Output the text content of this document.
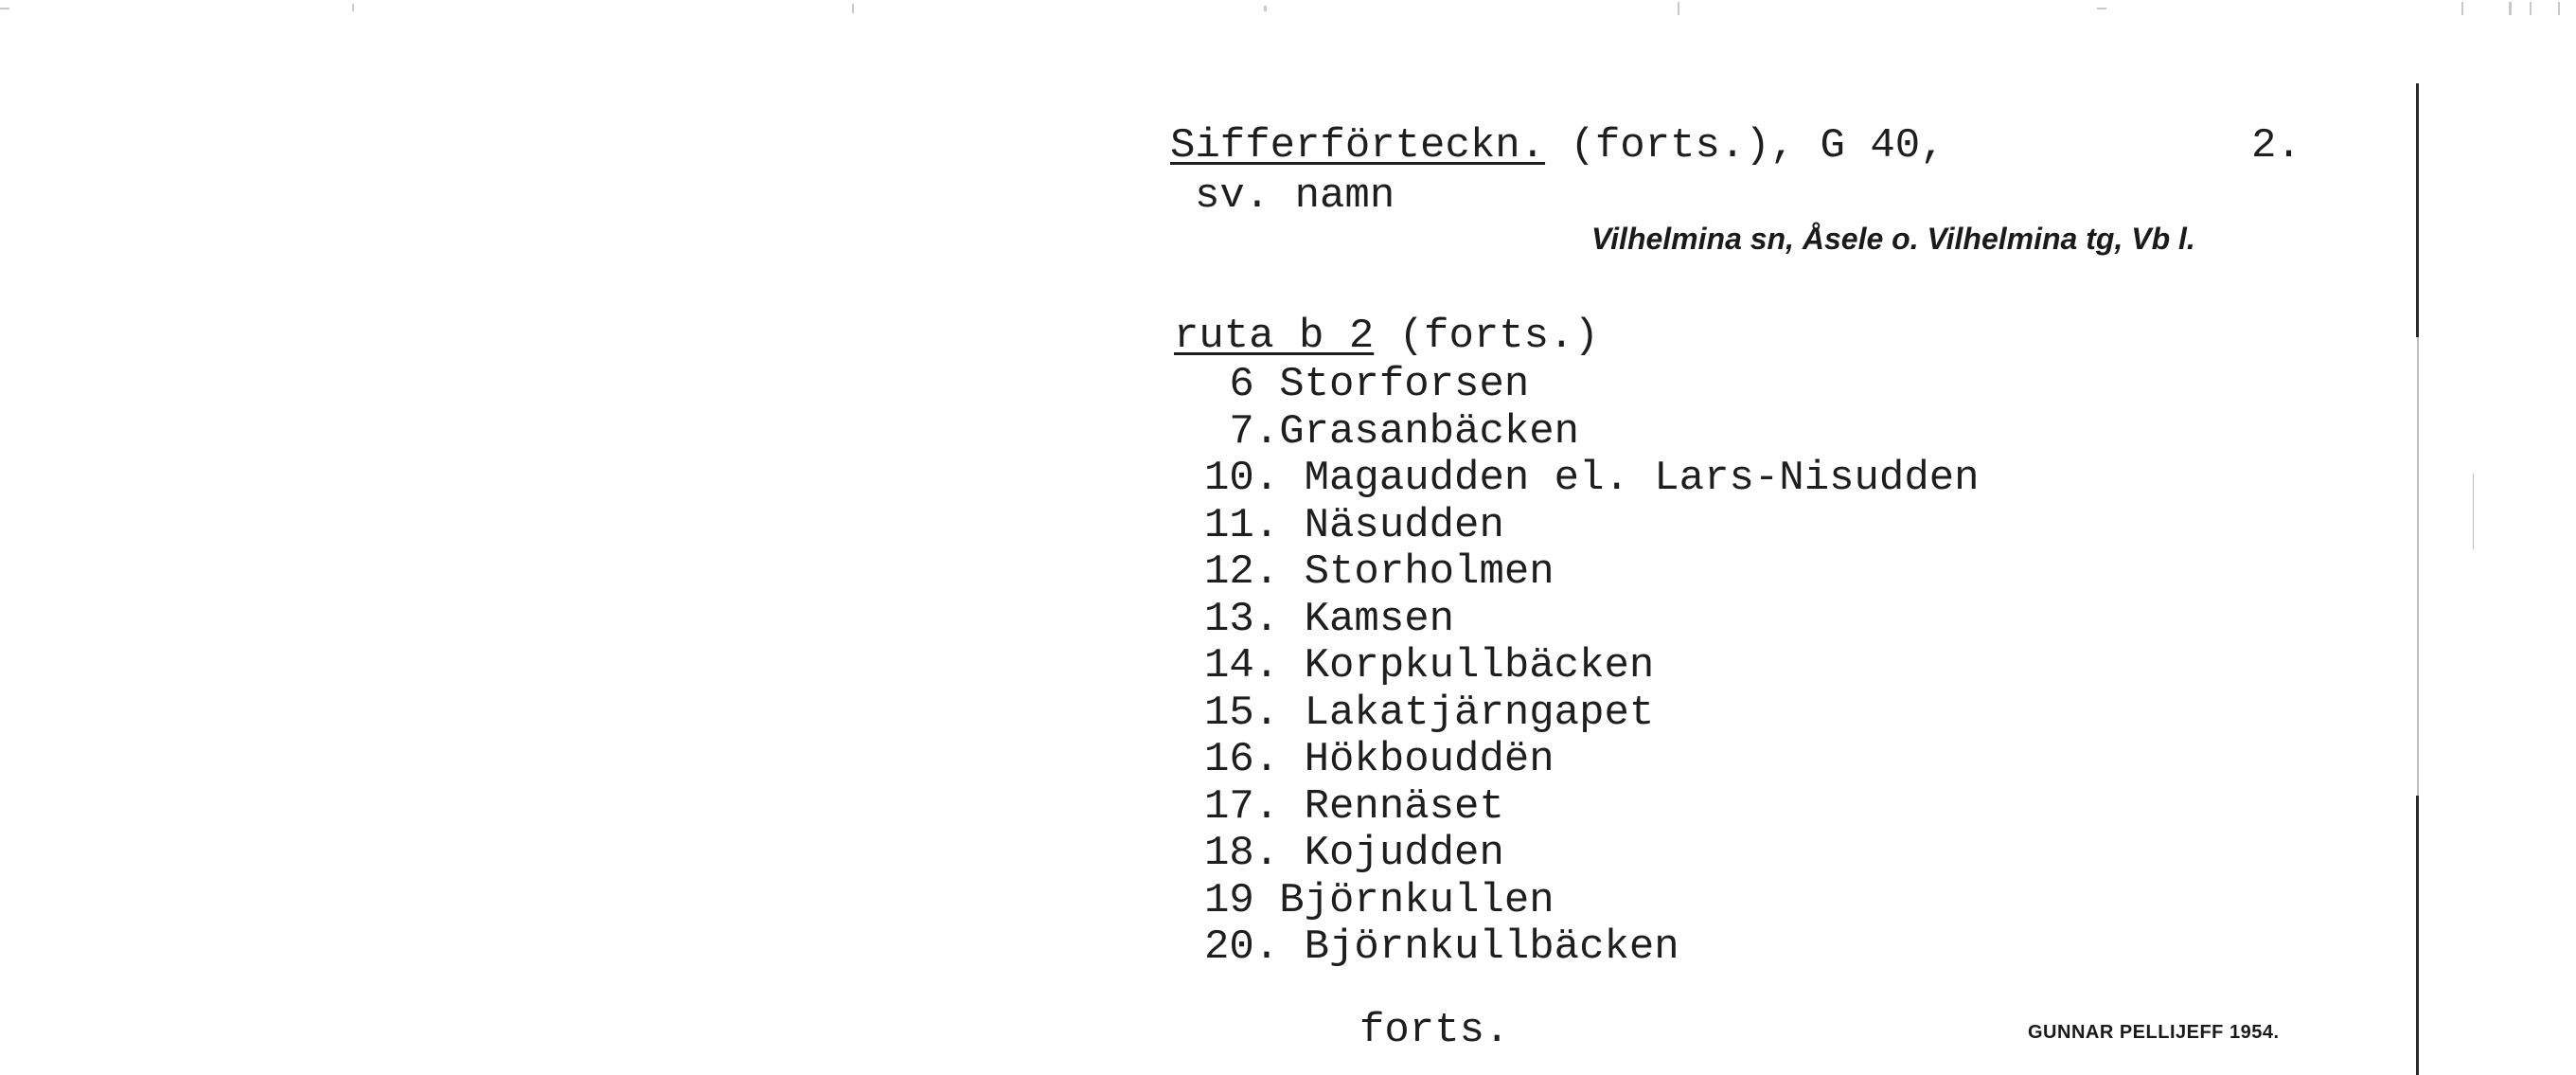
Sifferförteckn. (forts.), G 40,	2.
sv. namn
Vilhelmina sn, Åsele o. Vilhelmina tg, Vb l.
ruta b 2 (forts.)
6 Storforsen
7.Grasanbäcken
10. Magaudden el. Lars-Nisudden
11. Näsudden
12. Storholmen
13. Kamsen
14. Korpkullbäcken
15. Lakatjärngapet
16. Hökbouddën
17. Rennäset
18. Kojudden
19 Björnkullen
20. Björnkullbäcken
forts.	GUNNAR PELLIJEFF 1954.
